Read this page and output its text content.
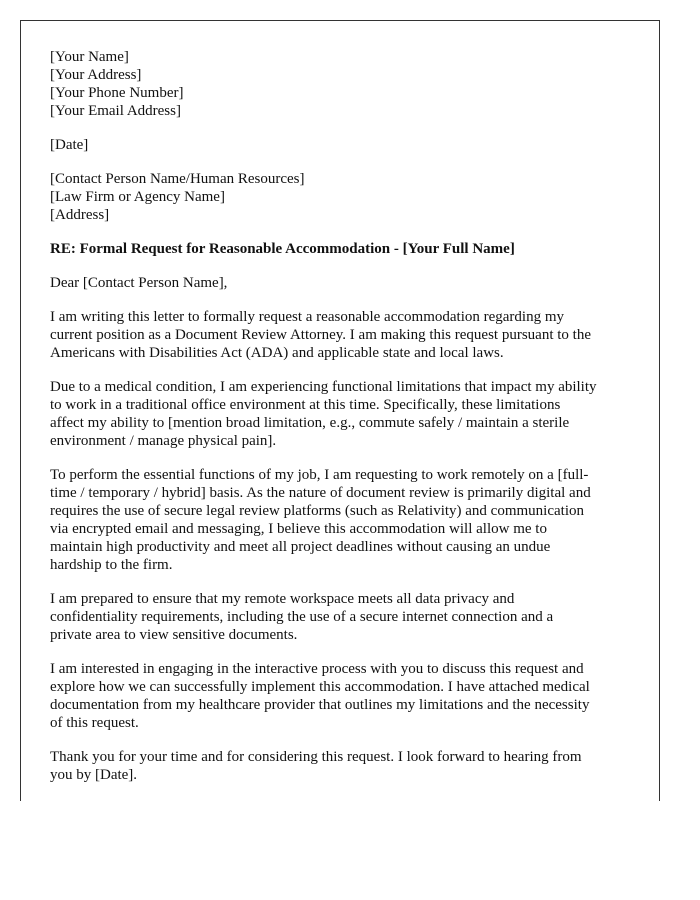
[Your Name]
[Your Address]
[Your Phone Number]
[Your Email Address]
[Date]
[Contact Person Name/Human Resources]
[Law Firm or Agency Name]
[Address]
RE: Formal Request for Reasonable Accommodation - [Your Full Name]
Dear [Contact Person Name],
I am writing this letter to formally request a reasonable accommodation regarding my
current position as a Document Review Attorney. I am making this request pursuant to the
Americans with Disabilities Act (ADA) and applicable state and local laws.
Due to a medical condition, I am experiencing functional limitations that impact my ability
to work in a traditional office environment at this time. Specifically, these limitations
affect my ability to [mention broad limitation, e.g., commute safely / maintain a sterile
environment / manage physical pain].
To perform the essential functions of my job, I am requesting to work remotely on a [full-
time / temporary / hybrid] basis. As the nature of document review is primarily digital and
requires the use of secure legal review platforms (such as Relativity) and communication
via encrypted email and messaging, I believe this accommodation will allow me to
maintain high productivity and meet all project deadlines without causing an undue
hardship to the firm.
I am prepared to ensure that my remote workspace meets all data privacy and
confidentiality requirements, including the use of a secure internet connection and a
private area to view sensitive documents.
I am interested in engaging in the interactive process with you to discuss this request and
explore how we can successfully implement this accommodation. I have attached medical
documentation from my healthcare provider that outlines my limitations and the necessity
of this request.
Thank you for your time and for considering this request. I look forward to hearing from
you by [Date].
